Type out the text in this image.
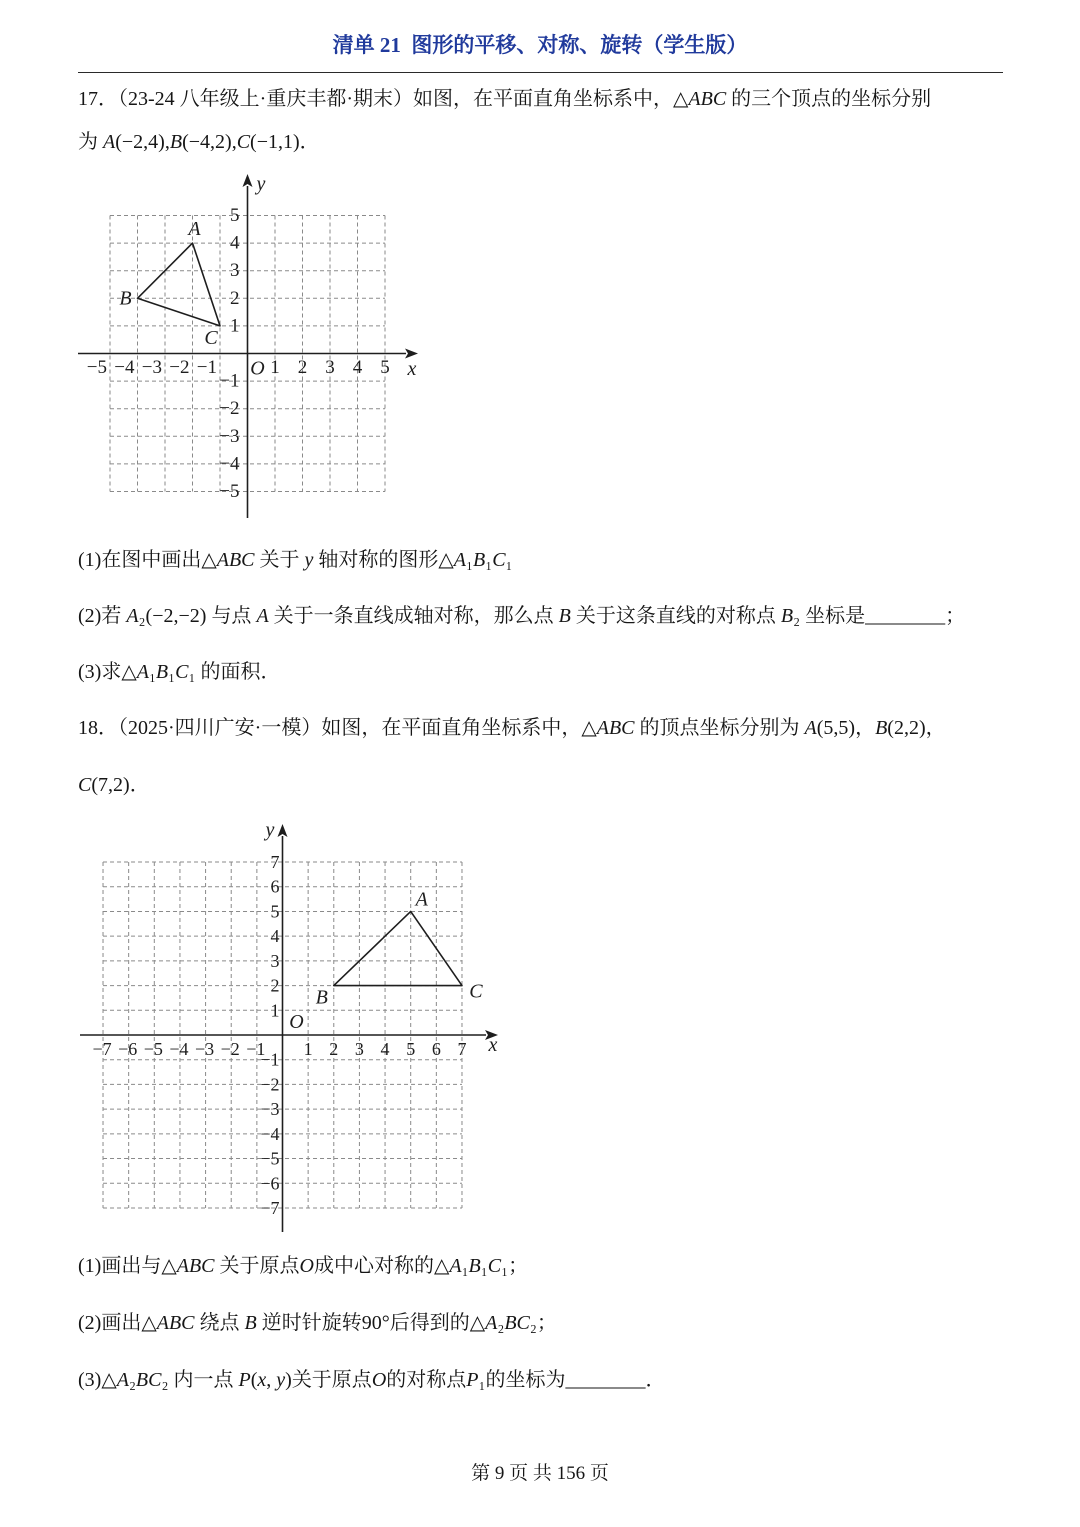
清单 21  图形的平移、对称、旋转（学生版）
17．（23-24 八年级上·重庆丰都·期末）如图，在平面直角坐标系中，△ABC 的三个顶点的坐标分别
为 A(−2,4),B(−4,2),C(−1,1)．
−5 −4 −3 −2 −1	1 2 3 4 5
5
4
3
2
1
−1
−2
−3
−4
−5
x
y
O
A
B
C
(1)在图中画出△ABC 关于 y 轴对称的图形△A₁B₁C₁
(2)若 A₂(−2,−2) 与点 A 关于一条直线成轴对称，那么点 B 关于这条直线的对称点 B₂ 坐标是________；
(3)求△A₁B₁C₁ 的面积．
18．（2025·四川广安·一模）如图，在平面直角坐标系中，△ABC 的顶点坐标分别为 A(5,5)，B(2,2)，
C(7,2)．
−7 −6 −5 −4 −3 −2 −1 1 2 3 4 5 6 7
7
6
5
4
3
2
1
−1
−2
−3
−4
−5
−6
−7
x
y
O
A
B	C
(1)画出与△ABC 关于原点O成中心对称的△A₁B₁C₁；
(2)画出△ABC 绕点 B 逆时针旋转90°后得到的△A₂BC₂；
(3)△A₂BC₂ 内一点 P(x, y)关于原点O的对称点P₁的坐标为________．
第 9 页 共 156 页
